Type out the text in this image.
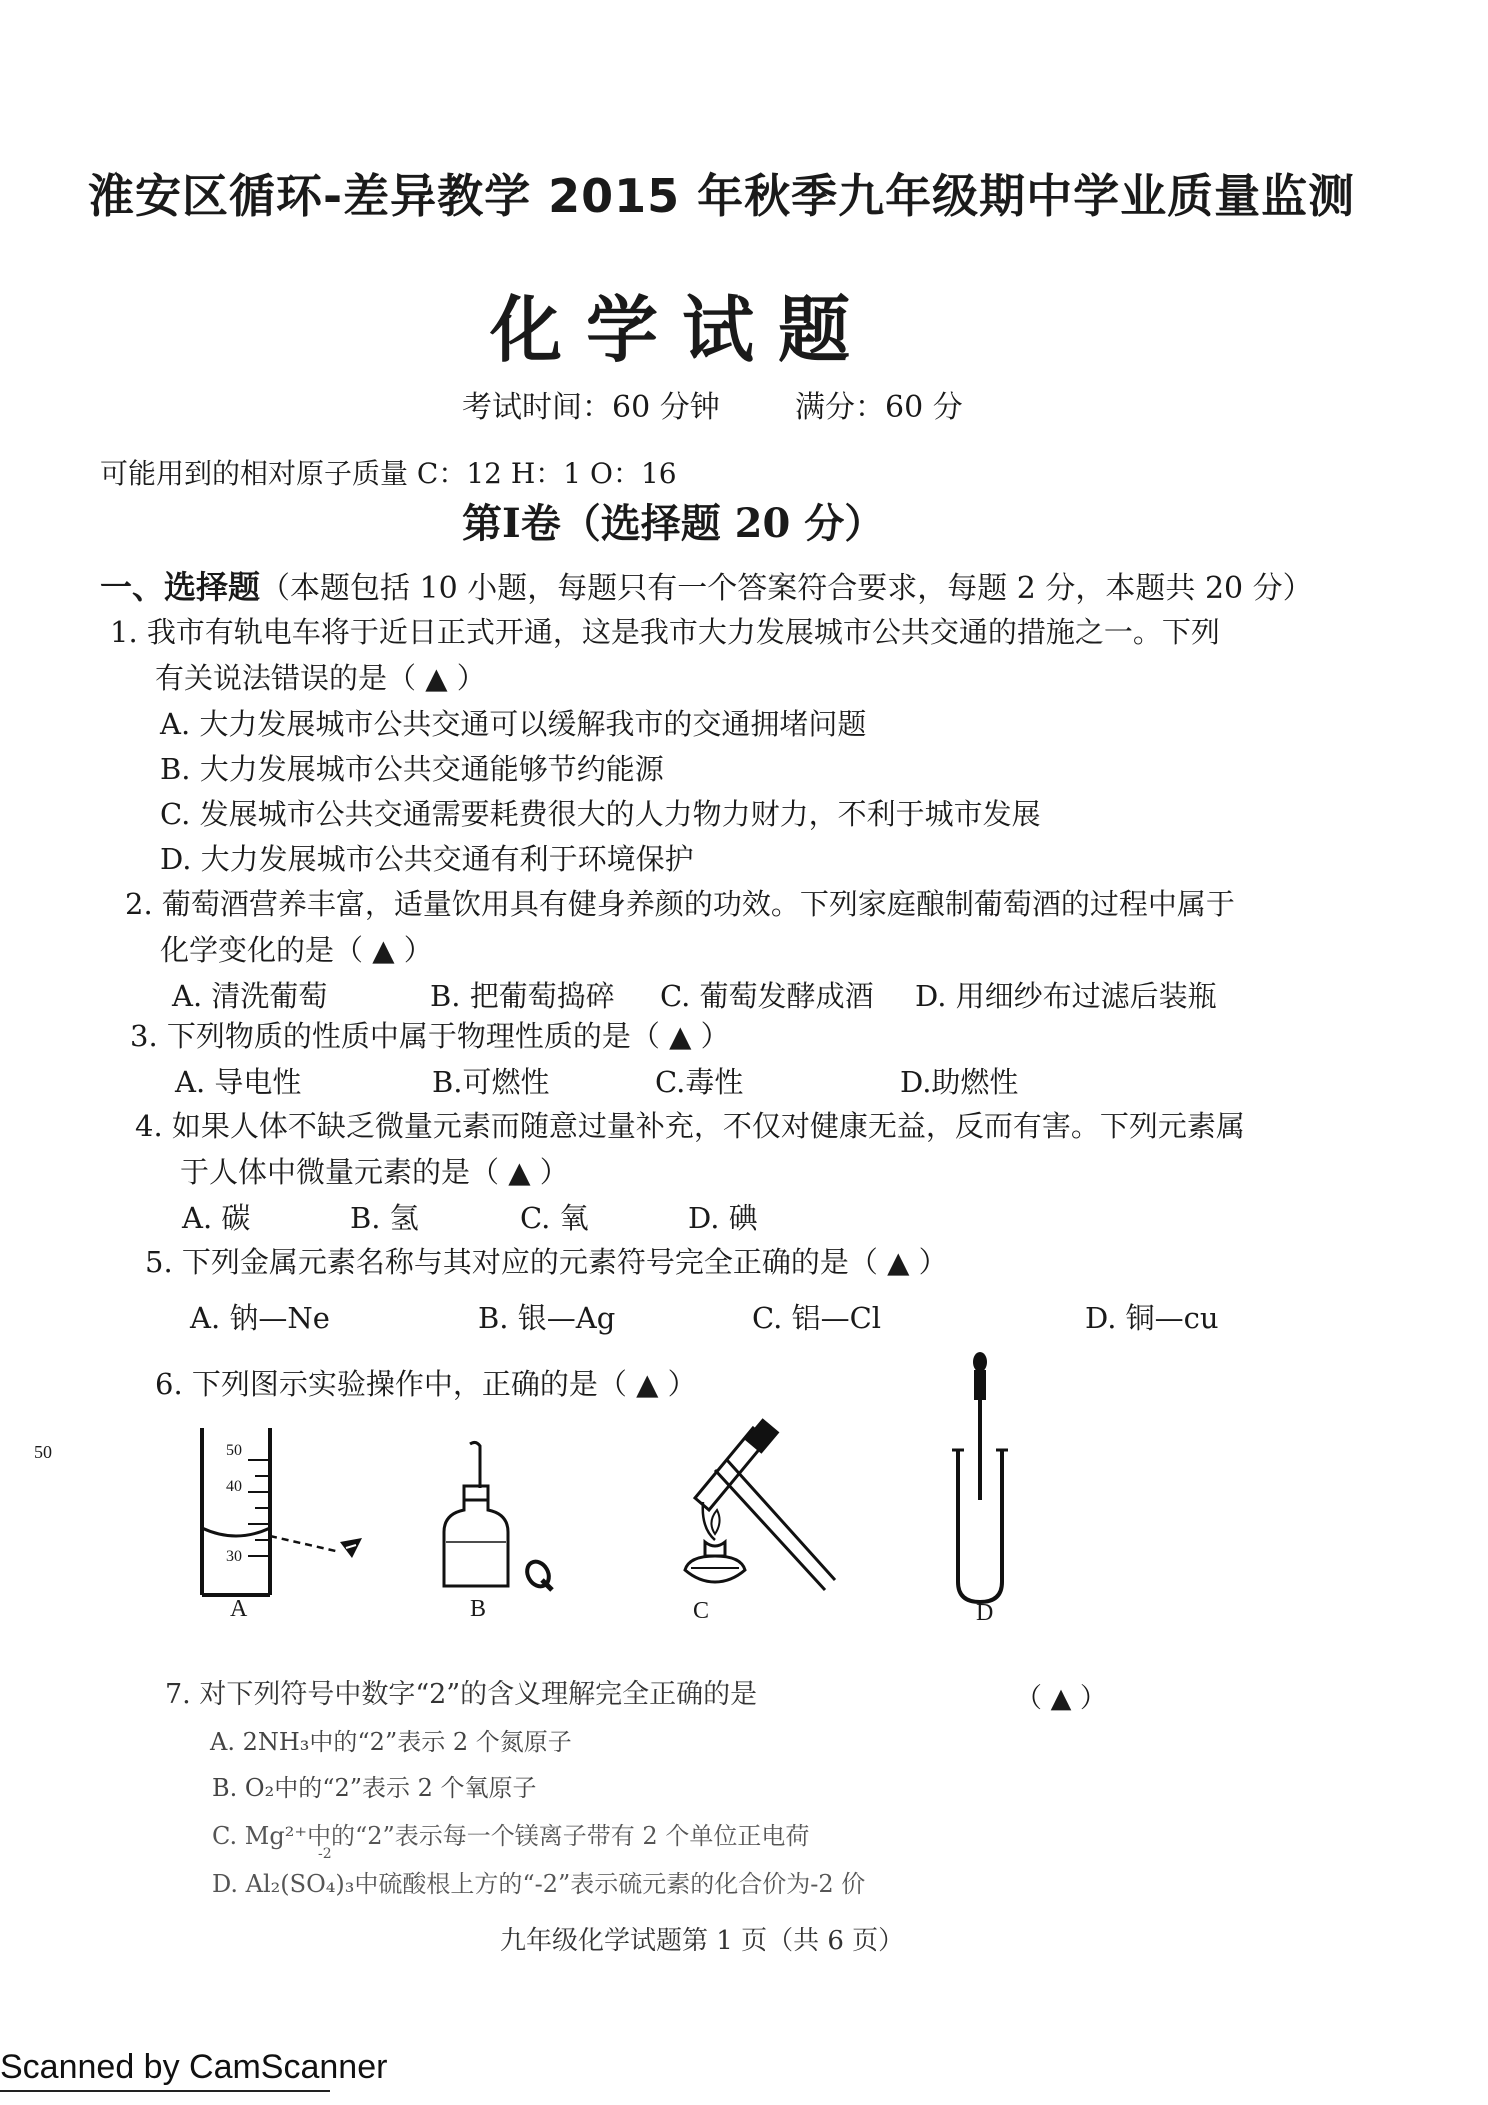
淮安区循环-差异教学 2015 年秋季九年级期中学业质量监测
化学试题
考试时间：60 分钟	满分：60 分
可能用到的相对原子质量 C：12 H：1 O：16
第Ⅰ卷（选择题 20 分）
一、选择题（本题包括 10 小题，每题只有一个答案符合要求，每题 2 分，本题共 20 分）
1. 我市有轨电车将于近日正式开通，这是我市大力发展城市公共交通的措施之一。下列
有关说法错误的是（ ▲ ）
A. 大力发展城市公共交通可以缓解我市的交通拥堵问题
B. 大力发展城市公共交通能够节约能源
C. 发展城市公共交通需要耗费很大的人力物力财力，不利于城市发展
D. 大力发展城市公共交通有利于环境保护
2. 葡萄酒营养丰富，适量饮用具有健身养颜的功效。下列家庭酿制葡萄酒的过程中属于
化学变化的是（ ▲ ）
A. 清洗葡萄	B. 把葡萄捣碎 C. 葡萄发酵成酒 D. 用细纱布过滤后装瓶
3. 下列物质的性质中属于物理性质的是（ ▲ ）
A. 导电性	B.可燃性	C.毒性	D.助燃性
4. 如果人体不缺乏微量元素而随意过量补充，不仅对健康无益，反而有害。下列元素属
于人体中微量元素的是（ ▲ ）
A. 碳	B. 氢	C. 氧	D. 碘
5. 下列金属元素名称与其对应的元素符号完全正确的是（ ▲ ）
A. 钠—Ne	B. 银—Ag	C. 铝—Cl	D. 铜—cu
6. 下列图示实验操作中，正确的是（ ▲ ）
50	50
40
30
A	B	C	D
7. 对下列符号中数字“2”的含义理解完全正确的是	（ ▲ ）
A. 2NH₃中的“2”表示 2 个氮原子
B. O₂中的“2”表示 2 个氧原子
C. Mg²⁺中的“2”表示每一个镁离子带有 2 个单位正电荷
-2
D. Al₂(SO₄)₃中硫酸根上方的“-2”表示硫元素的化合价为-2 价
九年级化学试题第 1 页（共 6 页）
Scanned by CamScanner
